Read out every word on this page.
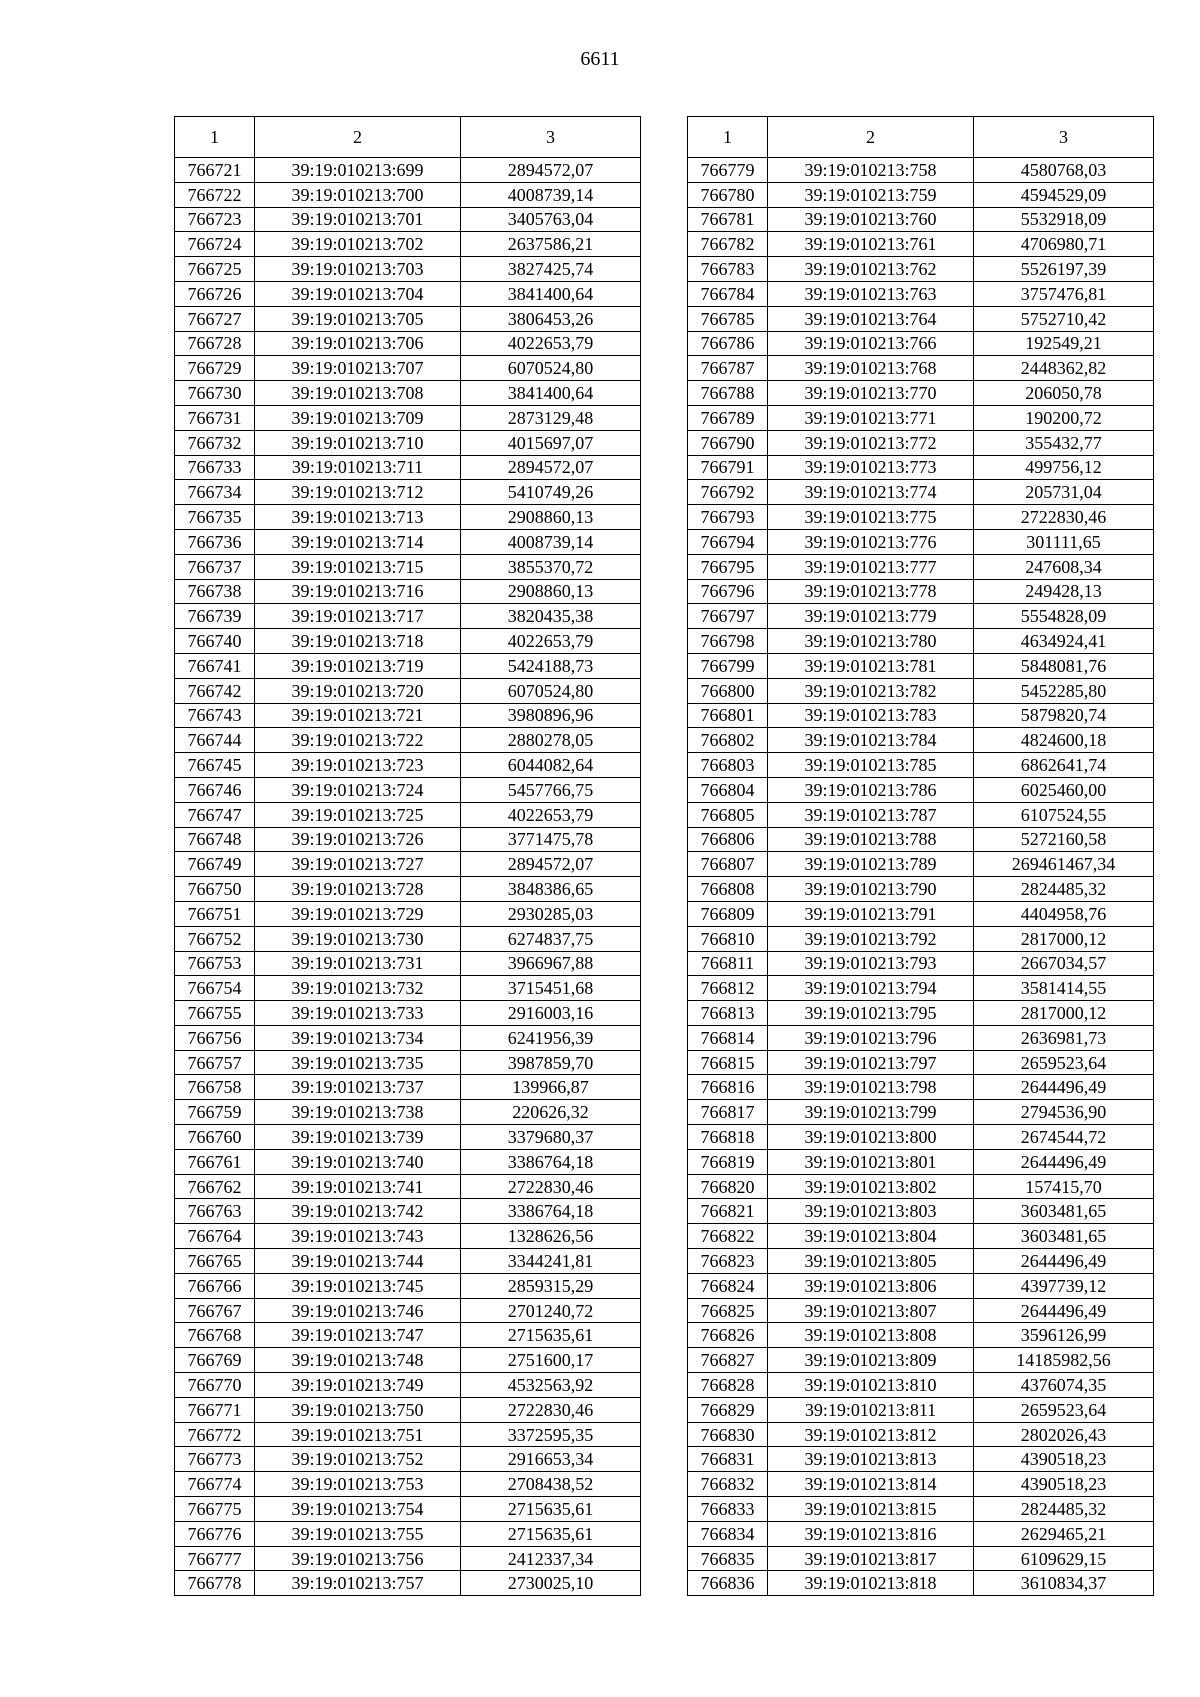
6611
1	2	3
766721	39:19:010213:699	2894572,07
766722	39:19:010213:700	4008739,14
766723	39:19:010213:701	3405763,04
766724	39:19:010213:702	2637586,21
766725	39:19:010213:703	3827425,74
766726	39:19:010213:704	3841400,64
766727	39:19:010213:705	3806453,26
766728	39:19:010213:706	4022653,79
766729	39:19:010213:707	6070524,80
766730	39:19:010213:708	3841400,64
766731	39:19:010213:709	2873129,48
766732	39:19:010213:710	4015697,07
766733	39:19:010213:711	2894572,07
766734	39:19:010213:712	5410749,26
766735	39:19:010213:713	2908860,13
766736	39:19:010213:714	4008739,14
766737	39:19:010213:715	3855370,72
766738	39:19:010213:716	2908860,13
766739	39:19:010213:717	3820435,38
766740	39:19:010213:718	4022653,79
766741	39:19:010213:719	5424188,73
766742	39:19:010213:720	6070524,80
766743	39:19:010213:721	3980896,96
766744	39:19:010213:722	2880278,05
766745	39:19:010213:723	6044082,64
766746	39:19:010213:724	5457766,75
766747	39:19:010213:725	4022653,79
766748	39:19:010213:726	3771475,78
766749	39:19:010213:727	2894572,07
766750	39:19:010213:728	3848386,65
766751	39:19:010213:729	2930285,03
766752	39:19:010213:730	6274837,75
766753	39:19:010213:731	3966967,88
766754	39:19:010213:732	3715451,68
766755	39:19:010213:733	2916003,16
766756	39:19:010213:734	6241956,39
766757	39:19:010213:735	3987859,70
766758	39:19:010213:737	139966,87
766759	39:19:010213:738	220626,32
766760	39:19:010213:739	3379680,37
766761	39:19:010213:740	3386764,18
766762	39:19:010213:741	2722830,46
766763	39:19:010213:742	3386764,18
766764	39:19:010213:743	1328626,56
766765	39:19:010213:744	3344241,81
766766	39:19:010213:745	2859315,29
766767	39:19:010213:746	2701240,72
766768	39:19:010213:747	2715635,61
766769	39:19:010213:748	2751600,17
766770	39:19:010213:749	4532563,92
766771	39:19:010213:750	2722830,46
766772	39:19:010213:751	3372595,35
766773	39:19:010213:752	2916653,34
766774	39:19:010213:753	2708438,52
766775	39:19:010213:754	2715635,61
766776	39:19:010213:755	2715635,61
766777	39:19:010213:756	2412337,34
766778	39:19:010213:757	2730025,10
1	2	3
766779	39:19:010213:758	4580768,03
766780	39:19:010213:759	4594529,09
766781	39:19:010213:760	5532918,09
766782	39:19:010213:761	4706980,71
766783	39:19:010213:762	5526197,39
766784	39:19:010213:763	3757476,81
766785	39:19:010213:764	5752710,42
766786	39:19:010213:766	192549,21
766787	39:19:010213:768	2448362,82
766788	39:19:010213:770	206050,78
766789	39:19:010213:771	190200,72
766790	39:19:010213:772	355432,77
766791	39:19:010213:773	499756,12
766792	39:19:010213:774	205731,04
766793	39:19:010213:775	2722830,46
766794	39:19:010213:776	301111,65
766795	39:19:010213:777	247608,34
766796	39:19:010213:778	249428,13
766797	39:19:010213:779	5554828,09
766798	39:19:010213:780	4634924,41
766799	39:19:010213:781	5848081,76
766800	39:19:010213:782	5452285,80
766801	39:19:010213:783	5879820,74
766802	39:19:010213:784	4824600,18
766803	39:19:010213:785	6862641,74
766804	39:19:010213:786	6025460,00
766805	39:19:010213:787	6107524,55
766806	39:19:010213:788	5272160,58
766807	39:19:010213:789	269461467,34
766808	39:19:010213:790	2824485,32
766809	39:19:010213:791	4404958,76
766810	39:19:010213:792	2817000,12
766811	39:19:010213:793	2667034,57
766812	39:19:010213:794	3581414,55
766813	39:19:010213:795	2817000,12
766814	39:19:010213:796	2636981,73
766815	39:19:010213:797	2659523,64
766816	39:19:010213:798	2644496,49
766817	39:19:010213:799	2794536,90
766818	39:19:010213:800	2674544,72
766819	39:19:010213:801	2644496,49
766820	39:19:010213:802	157415,70
766821	39:19:010213:803	3603481,65
766822	39:19:010213:804	3603481,65
766823	39:19:010213:805	2644496,49
766824	39:19:010213:806	4397739,12
766825	39:19:010213:807	2644496,49
766826	39:19:010213:808	3596126,99
766827	39:19:010213:809	14185982,56
766828	39:19:010213:810	4376074,35
766829	39:19:010213:811	2659523,64
766830	39:19:010213:812	2802026,43
766831	39:19:010213:813	4390518,23
766832	39:19:010213:814	4390518,23
766833	39:19:010213:815	2824485,32
766834	39:19:010213:816	2629465,21
766835	39:19:010213:817	6109629,15
766836	39:19:010213:818	3610834,37
